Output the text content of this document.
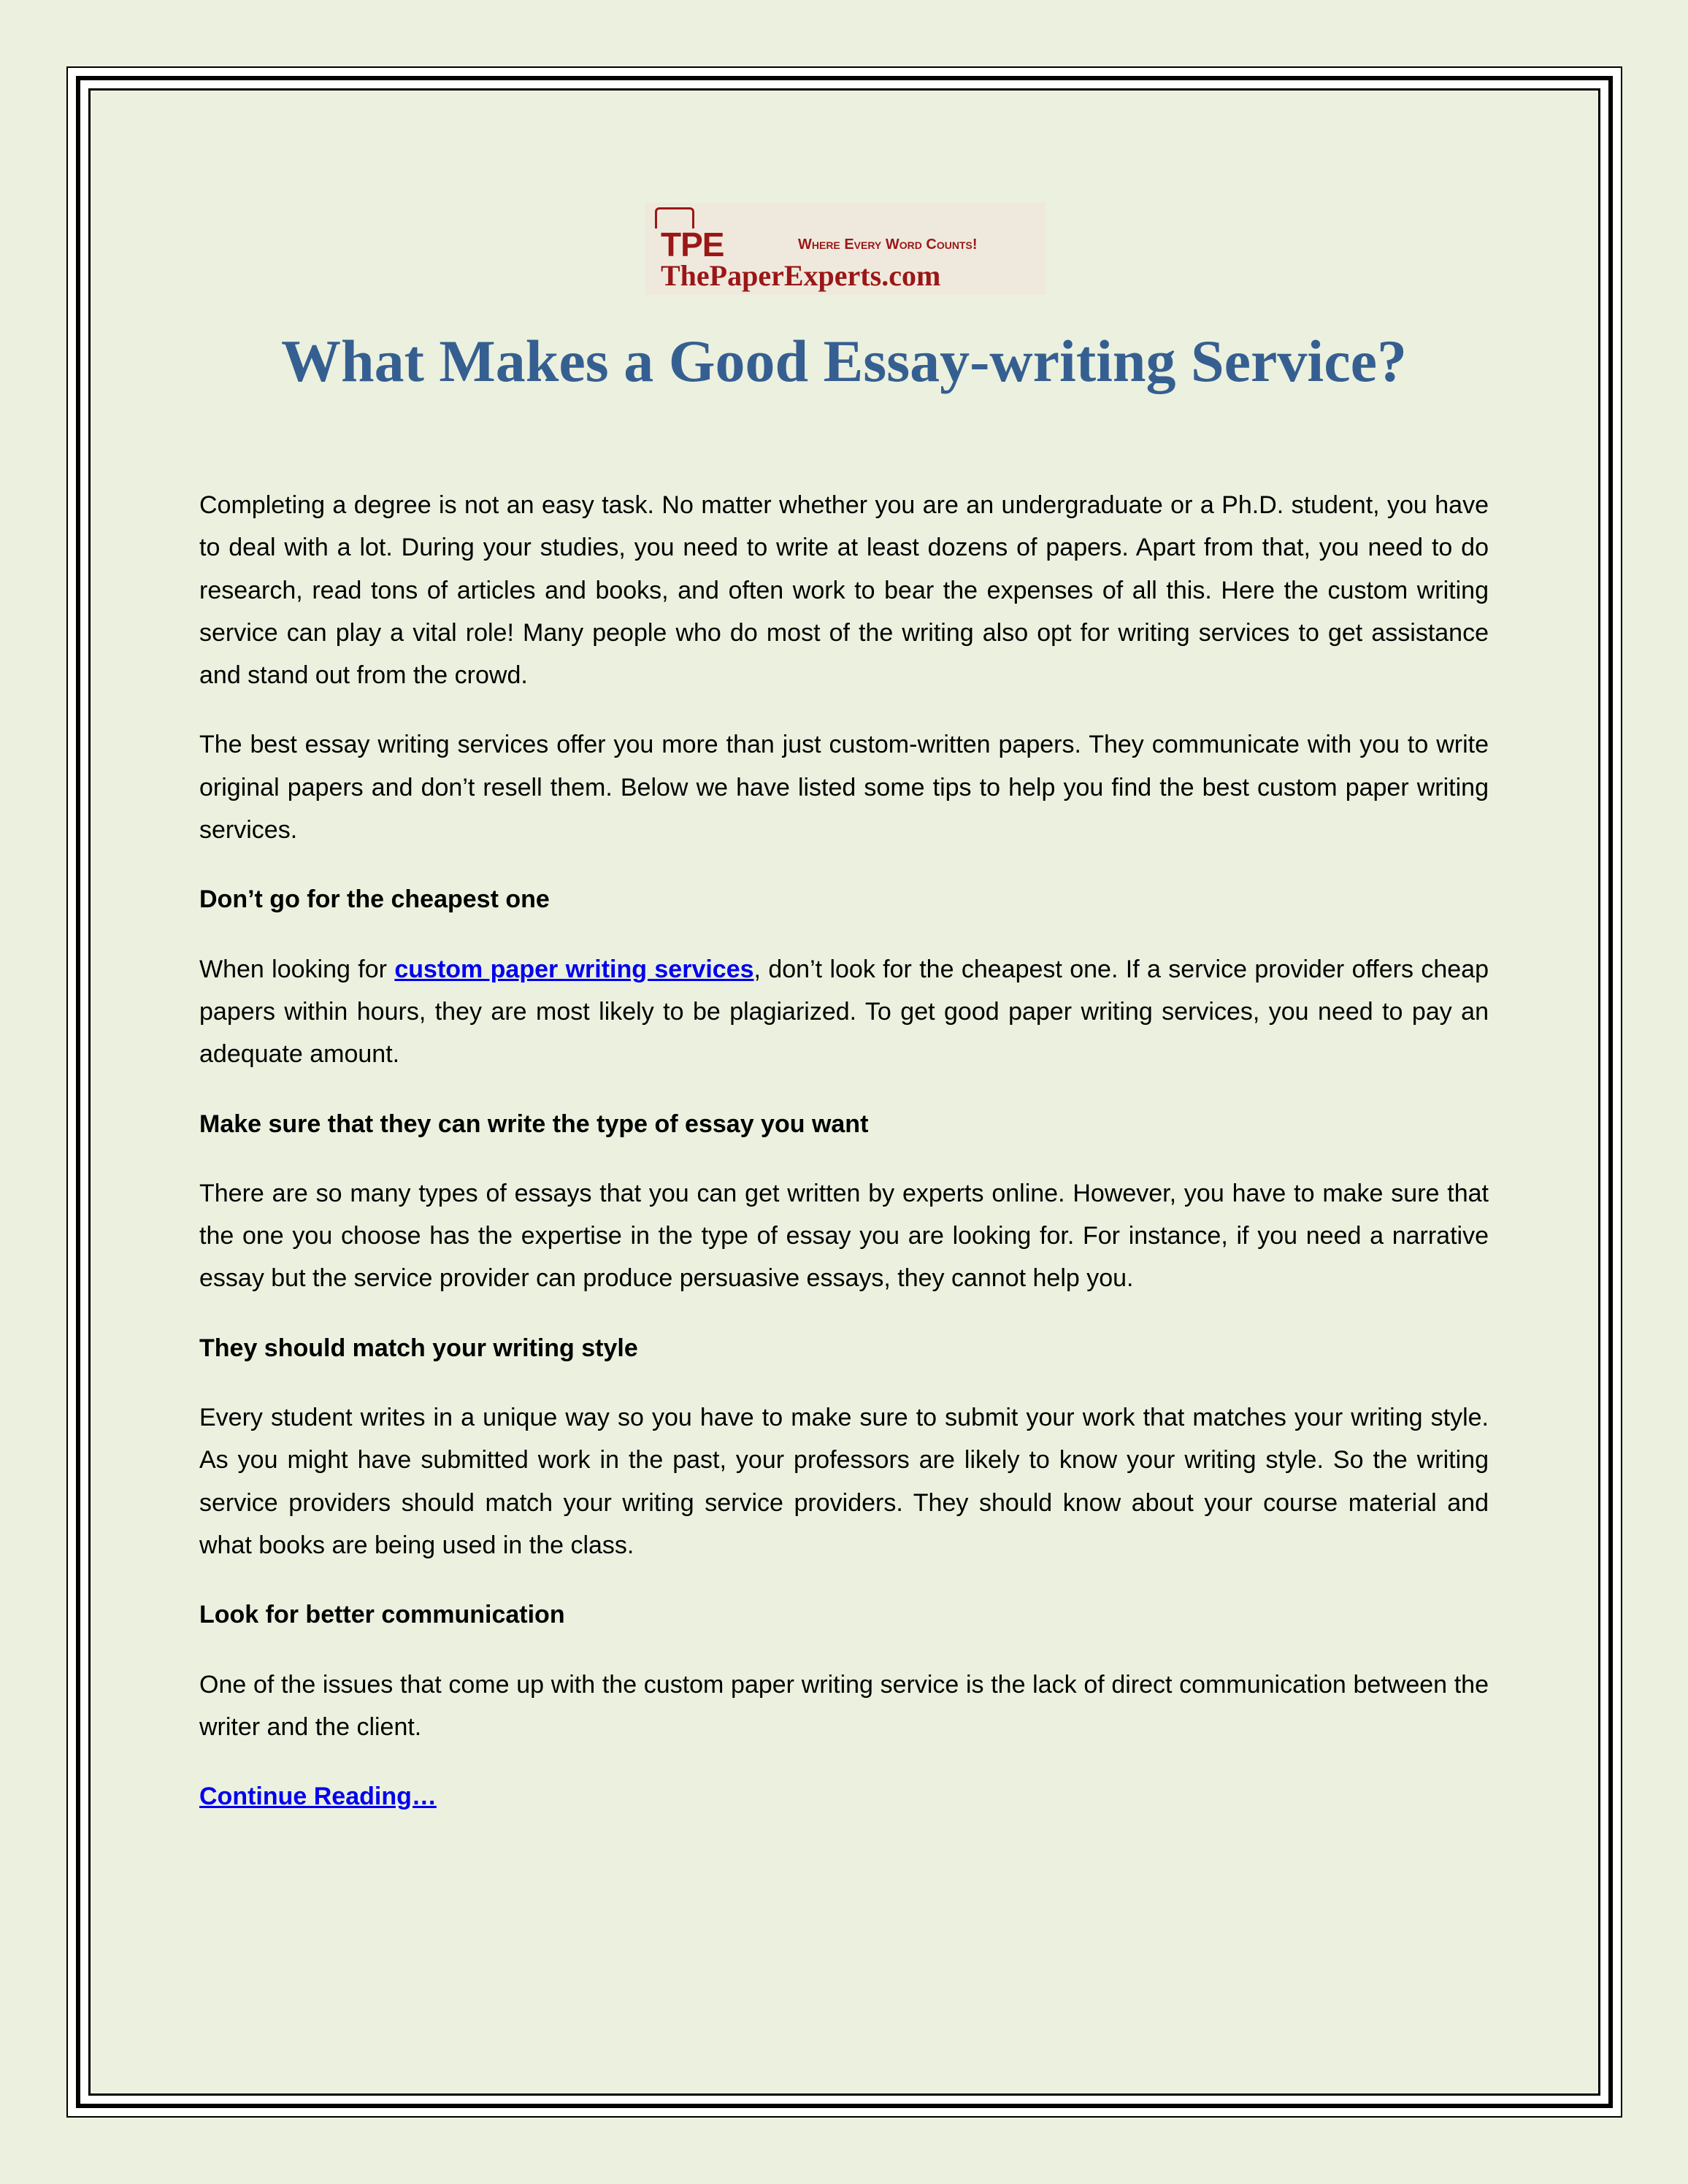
TPE	Where Every Word Counts!
ThePaperExperts.com
What Makes a Good Essay-writing Service?

Completing a degree is not an easy task. No matter whether you are an undergraduate or a Ph.D. student, you have to deal with a lot. During your studies, you need to write at least dozens of papers. Apart from that, you need to do research, read tons of articles and books, and often work to bear the expenses of all this. Here the custom writing service can play a vital role! Many people who do most of the writing also opt for writing services to get assistance and stand out from the crowd.

The best essay writing services offer you more than just custom-written papers. They communicate with you to write original papers and don’t resell them. Below we have listed some tips to help you find the best custom paper writing services.

Don’t go for the cheapest one

When looking for custom paper writing services, don’t look for the cheapest one. If a service provider offers cheap papers within hours, they are most likely to be plagiarized. To get good paper writing services, you need to pay an adequate amount.

Make sure that they can write the type of essay you want

There are so many types of essays that you can get written by experts online. However, you have to make sure that the one you choose has the expertise in the type of essay you are looking for. For instance, if you need a narrative essay but the service provider can produce persuasive essays, they cannot help you.

They should match your writing style

Every student writes in a unique way so you have to make sure to submit your work that matches your writing style. As you might have submitted work in the past, your professors are likely to know your writing style. So the writing service providers should match your writing service providers. They should know about your course material and what books are being used in the class.

Look for better communication

One of the issues that come up with the custom paper writing service is the lack of direct communication between the writer and the client.

Continue Reading…
